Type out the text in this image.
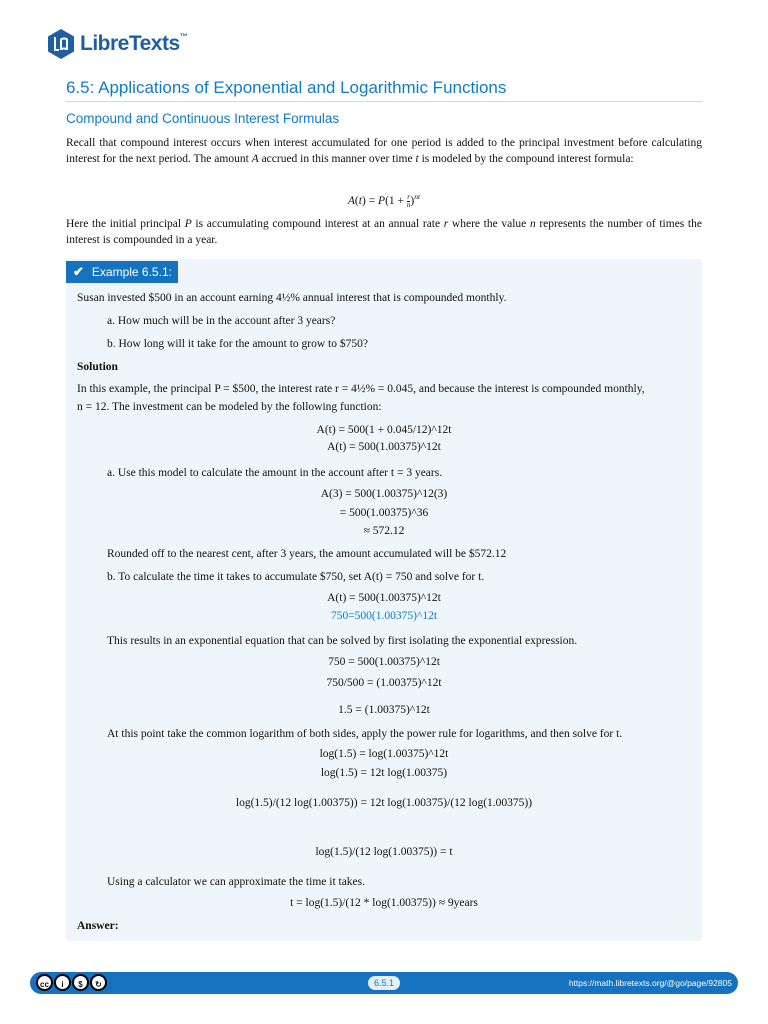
LibreTexts™
6.5: Applications of Exponential and Logarithmic Functions
Compound and Continuous Interest Formulas
Recall that compound interest occurs when interest accumulated for one period is added to the principal investment before calculating interest for the next period. The amount A accrued in this manner over time t is modeled by the compound interest formula:
$A(t) = P(1 + \frac{r}{n})^{nt}$
Here the initial principal P is accumulating compound interest at an annual rate r where the value n represents the number of times the interest is compounded in a year.
✔ Example 6.5.1:
Susan invested $500 in an account earning 4½% annual interest that is compounded monthly.
a. How much will be in the account after 3 years?
b. How long will it take for the amount to grow to $750?
Solution
In this example, the principal P = $500, the interest rate r = 4½% = 0.045, and because the interest is compounded monthly,
n = 12. The investment can be modeled by the following function:
A(t) = 500(1 + 0.045/12)^12t
A(t) = 500(1.00375)^12t
a. Use this model to calculate the amount in the account after t = 3 years.
A(3) = 500(1.00375)^12(3)
= 500(1.00375)^36
≈ 572.12
Rounded off to the nearest cent, after 3 years, the amount accumulated will be $572.12
b. To calculate the time it takes to accumulate $750, set A(t) = 750 and solve for t.
A(t) = 500(1.00375)^12t
750=500(1.00375)^12t
This results in an exponential equation that can be solved by first isolating the exponential expression.
750 = 500(1.00375)^12t
750/500 = (1.00375)^12t
1.5 = (1.00375)^12t
At this point take the common logarithm of both sides, apply the power rule for logarithms, and then solve for t.
log(1.5) = log(1.00375)^12t
log(1.5) = 12t log(1.00375)
log(1.5)/(12 log(1.00375)) = 12t log(1.00375)/(12 log(1.00375))
log(1.5)/(12 log(1.00375)) = t
Using a calculator we can approximate the time it takes.
t = log(1.5)/(12 * log(1.00375)) ≈ 9years
Answer:
cc	i	$	↻	6.5.1	https://math.libretexts.org/@go/page/92805
